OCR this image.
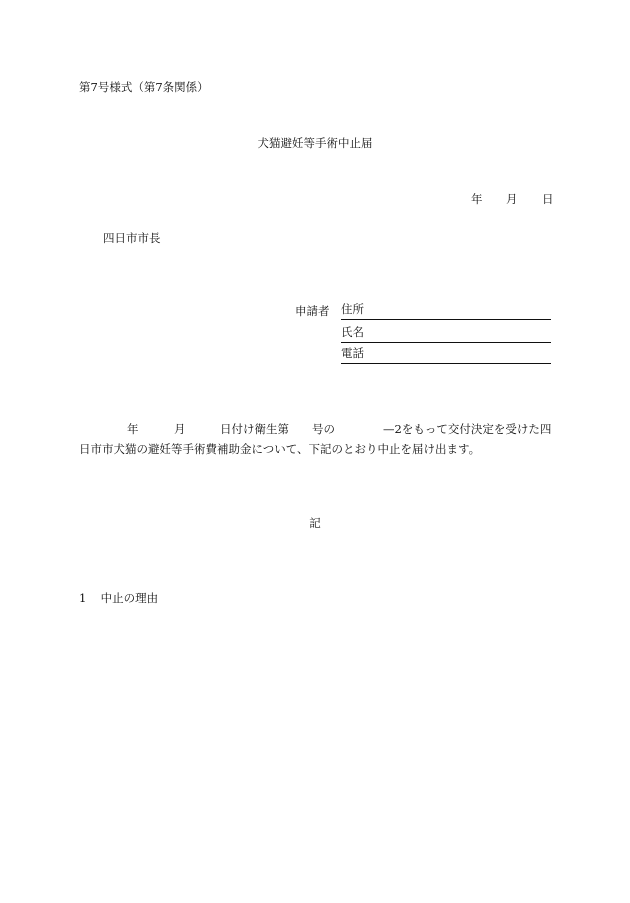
第7号様式（第7条関係）
犬猫避妊等手術中止届
年 月 日
四日市市長
申請者 住所
氏名
電話
年	月	日付け衛生第 号の	—2をもって交付決定を受けた四
日市市犬猫の避妊等手術費補助金について、下記のとおり中止を届け出ます。
記
1 中止の理由
